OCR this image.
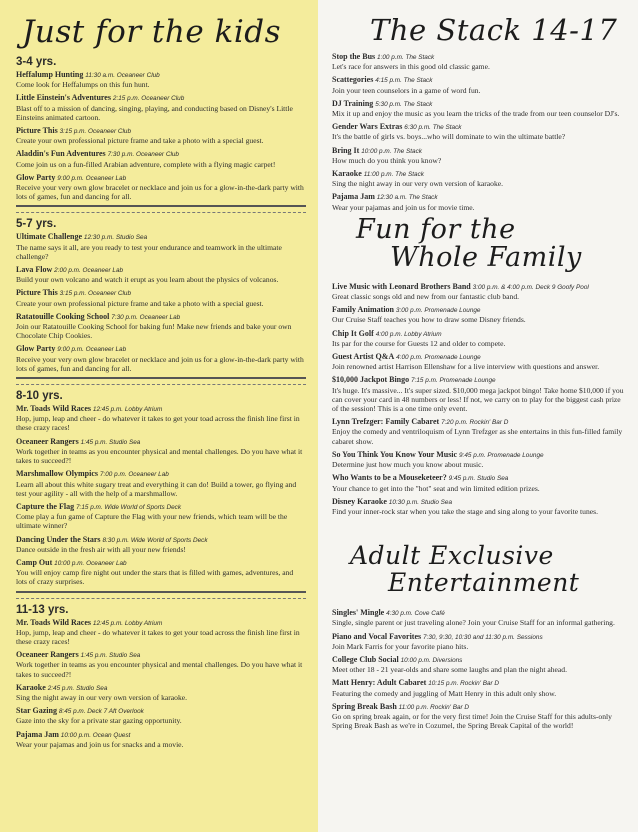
Just for the kids
3-4 yrs.
Heffalump Hunting 11:30 a.m. Oceaneer Club
Come look for Heffalumps on this fun hunt.
Little Einstein's Adventures 2:15 p.m. Oceaneer Club
Blast off to a mission of dancing, singing, playing, and conducting based on Disney's Little Einsteins animated cartoon.
Picture This 3:15 p.m. Oceaneer Club
Create your own professional picture frame and take a photo with a special guest.
Aladdin's Fun Adventures 7:30 p.m. Oceaneer Club
Come join us on a fun-filled Arabian adventure, complete with a flying magic carpet!
Glow Party 9:00 p.m. Oceaneer Lab
Receive your very own glow bracelet or necklace and join us for a glow-in-the-dark party with lots of games, fun and dancing for all.
5-7 yrs.
Ultimate Challenge 12:30 p.m. Studio Sea
The name says it all, are you ready to test your endurance and teamwork in the ultimate challenge?
Lava Flow 2:00 p.m. Oceaneer Lab
Build your own volcano and watch it erupt as you learn about the physics of volcanos.
Picture This 3:15 p.m. Oceaneer Club
Create your own professional picture frame and take a photo with a special guest.
Ratatouille Cooking School 7:30 p.m. Oceaneer Lab
Join our Ratatouille Cooking School for baking fun! Make new friends and bake your own Chocolate Chip Cookies.
Glow Party 9:00 p.m. Oceaneer Lab
Receive your very own glow bracelet or necklace and join us for a glow-in-the-dark party with lots of games, fun and dancing for all.
8-10 yrs.
Mr. Toads Wild Races 12:45 p.m. Lobby Atrium
Hop, jump, leap and cheer - do whatever it takes to get your toad across the finish line first in these crazy races!
Oceaneer Rangers 1:45 p.m. Studio Sea
Work together in teams as you encounter physical and mental challenges. Do you have what it takes to succeed?!
Marshmallow Olympics 7:00 p.m. Oceaneer Lab
Learn all about this white sugary treat and everything it can do! Build a tower, go flying and test your agility - all with the help of a marshmallow.
Capture the Flag 7:15 p.m. Wide World of Sports Deck
Come play a fun game of Capture the Flag with your new friends, which team will be the ultimate winner?
Dancing Under the Stars 8:30 p.m. Wide World of Sports Deck
Dance outside in the fresh air with all your new friends!
Camp Out 10:00 p.m. Oceaneer Lab
You will enjoy camp fire night out under the stars that is filled with games, adventures, and lots of crazy surprises.
11-13 yrs.
Mr. Toads Wild Races 12:45 p.m. Lobby Atrium
Hop, jump, leap and cheer - do whatever it takes to get your toad across the finish line first in these crazy races!
Oceaneer Rangers 1:45 p.m. Studio Sea
Work together in teams as you encounter physical and mental challenges. Do you have what it takes to succeed?!
Karaoke 2:45 p.m. Studio Sea
Sing the night away in our very own version of karaoke.
Star Gazing 8:45 p.m. Deck 7 Aft Overlook
Gaze into the sky for a private star gazing opportunity.
Pajama Jam 10:00 p.m. Ocean Quest
Wear your pajamas and join us for snacks and a movie.
The Stack 14-17
Stop the Bus 1:00 p.m. The Stack
Let's race for answers in this good old classic game.
Scattegories 4:15 p.m. The Stack
Join your teen counselors in a game of word fun.
DJ Training 5:30 p.m. The Stack
Mix it up and enjoy the music as you learn the tricks of the trade from our teen counselor DJ's.
Gender Wars Extras 6:30 p.m. The Stack
It's the battle of girls vs. boys...who will dominate to win the ultimate battle?
Bring It 10:00 p.m. The Stack
How much do you think you know?
Karaoke 11:00 p.m. The Stack
Sing the night away in our very own version of karaoke.
Pajama Jam 12:30 a.m. The Stack
Wear your pajamas and join us for movie time.
Fun for the
Whole Family
Live Music with Leonard Brothers Band 3:00 p.m. & 4:00 p.m. Deck 9 Goofy Pool
Great classic songs old and new from our fantastic club band.
Family Animation 3:00 p.m. Promenade Lounge
Our Cruise Staff teaches you how to draw some Disney friends.
Chip It Golf 4:00 p.m. Lobby Atrium
Its par for the course for Guests 12 and older to compete.
Guest Artist Q&A 4:00 p.m. Promenade Lounge
Join renowned artist Harrison Ellenshaw for a live interview with questions and answer.
$10,000 Jackpot Bingo 7:15 p.m. Promenade Lounge
It's huge. It's massive... It's super sized. $10,000 mega jackpot bingo! Take home $10,000 if you can cover your card in 48 numbers or less! If not, we carry on to play for the biggest cash prize of the session! This is a one time only event.
Lynn Trefzger: Family Cabaret 7:20 p.m. Rockin' Bar D
Enjoy the comedy and ventriloquism of Lynn Trefzger as she entertains in this fun-filled family cabaret show.
So You Think You Know Your Music 9:45 p.m. Promenade Lounge
Determine just how much you know about music.
Who Wants to be a Mouseketeer? 9:45 p.m. Studio Sea
Your chance to get into the "hot" seat and win limited edition prizes.
Disney Karaoke 10:30 p.m. Studio Sea
Find your inner-rock star when you take the stage and sing along to your favorite tunes.
Adult Exclusive
Entertainment
Singles' Mingle 4:30 p.m. Cove Café
Single, single parent or just traveling alone? Join your Cruise Staff for an informal gathering.
Piano and Vocal Favorites 7:30, 9:30, 10:30 and 11:30 p.m. Sessions
Join Mark Farris for your favorite piano hits.
College Club Social 10:00 p.m. Diversions
Meet other 18 - 21 year-olds and share some laughs and plan the night ahead.
Matt Henry: Adult Cabaret 10:15 p.m. Rockin' Bar D
Featuring the comedy and juggling of Matt Henry in this adult only show.
Spring Break Bash 11:00 p.m. Rockin' Bar D
Go on spring break again, or for the very first time! Join the Cruise Staff for this adults-only Spring Break Bash as we're in Cozumel, the Spring Break Capital of the world!
